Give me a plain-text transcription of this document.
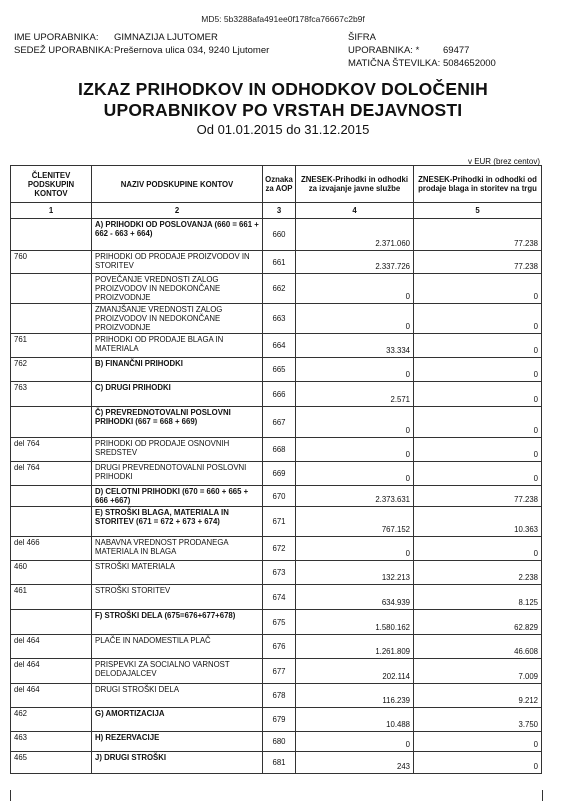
MD5: 5b3288afa491ee0f178fca76667c2b9f
IME UPORABNIKA: GIMNAZIJA LJUTOMER
SEDEŽ UPORABNIKA:Prešernova ulica 034, 9240 Ljutomer
ŠIFRA UPORABNIKA: * 69477
MATIČNA ŠTEVILKA: 5084652000
IZKAZ PRIHODKOV IN ODHODKOV DOLOČENIH
UPORABNIKOV PO VRSTAH DEJAVNOSTI
Od 01.01.2015 do 31.12.2015
v EUR (brez centov)
ČLENITEV PODSKUPIN KONTOV	NAZIV PODSKUPINE KONTOV	Oznaka za AOP	ZNESEK-Prihodki in odhodki za izvajanje javne službe	ZNESEK-Prihodki in odhodki od prodaje blaga in storitev na trgu
1	2	3	4	5
	A) PRIHODKI OD POSLOVANJA (660 = 661 + 662 - 663 + 664)	660	2.371.060	77.238
760	PRIHODKI OD PRODAJE PROIZVODOV IN STORITEV	661	2.337.726	77.238
	POVEČANJE VREDNOSTI ZALOG PROIZVODOV IN NEDOKONČANE PROIZVODNJE	662	0	0
	ZMANJŠANJE VREDNOSTI ZALOG PROIZVODOV IN NEDOKONČANE PROIZVODNJE	663	0	0
761	PRIHODKI OD PRODAJE BLAGA IN MATERIALA	664	33.334	0
762	B) FINANČNI PRIHODKI	665	0	0
763	C) DRUGI PRIHODKI	666	2.571	0
	Č) PREVREDNOTOVALNI POSLOVNI PRIHODKI (667 = 668 + 669)	667	0	0
del 764	PRIHODKI OD PRODAJE OSNOVNIH SREDSTEV	668	0	0
del 764	DRUGI PREVREDNOTOVALNI POSLOVNI PRIHODKI	669	0	0
	D) CELOTNI PRIHODKI (670 = 660 + 665 + 666 +667)	670	2.373.631	77.238
	E) STROŠKI BLAGA, MATERIALA IN STORITEV (671 = 672 + 673 + 674)	671	767.152	10.363
del 466	NABAVNA VREDNOST PRODANEGA MATERIALA IN BLAGA	672	0	0
460	STROŠKI MATERIALA	673	132.213	2.238
461	STROŠKI STORITEV	674	634.939	8.125
	F) STROŠKI DELA (675=676+677+678)	675	1.580.162	62.829
del 464	PLAČE IN NADOMESTILA PLAČ	676	1.261.809	46.608
del 464	PRISPEVKI ZA SOCIALNO VARNOST DELODAJALCEV	677	202.114	7.009
del 464	DRUGI STROŠKI DELA	678	116.239	9.212
462	G) AMORTIZACIJA	679	10.488	3.750
463	H) REZERVACIJE	680	0	0
465	J) DRUGI STROŠKI	681	243	0
